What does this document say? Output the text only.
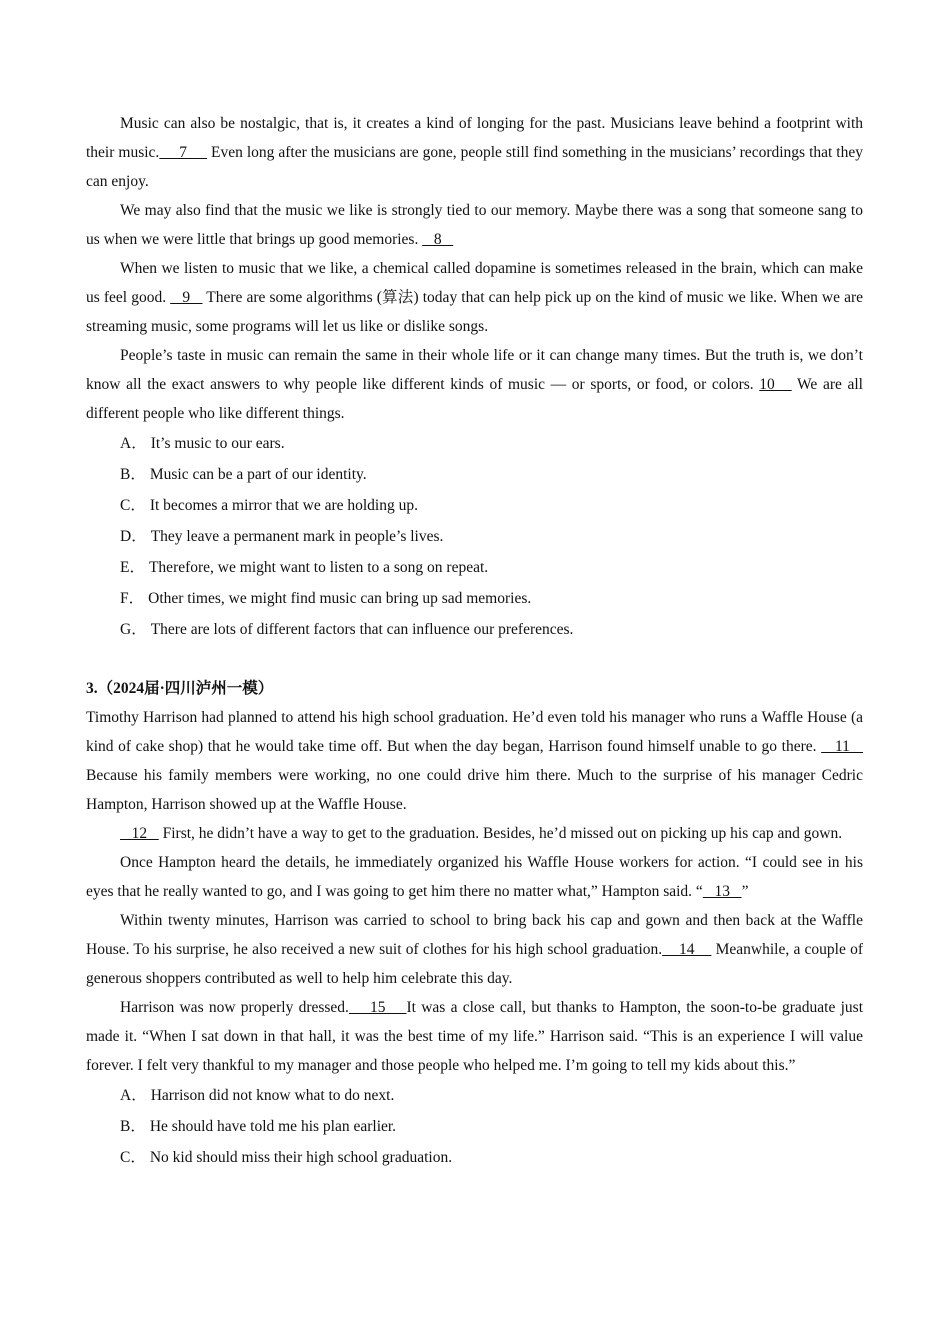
Music can also be nostalgic, that is, it creates a kind of longing for the past. Musicians leave behind a footprint with their music.     7      Even long after the musicians are gone, people still find something in the musicians’ recordings that they can enjoy.

We may also find that the music we like is strongly tied to our memory. Maybe there was a song that someone sang to us when we were little that brings up good memories.    8

When we listen to music that we like, a chemical called dopamine is sometimes released in the brain, which can make us feel good.    9    There are some algorithms (算法) today that can help pick up on the kind of music we like. When we are streaming music, some programs will let us like or dislike songs.

People’s taste in music can remain the same in their whole life or it can change many times. But the truth is, we don’t know all the exact answers to why people like different kinds of music — or sports, or food, or colors. 10    We are all different people who like different things.

A． It’s music to our ears.
B． Music can be a part of our identity.
C． It becomes a mirror that we are holding up.
D． They leave a permanent mark in people’s lives.
E． Therefore, we might want to listen to a song on repeat.
F． Other times, we might find music can bring up sad memories.
G． There are lots of different factors that can influence our preferences.

3.（2024届·四川泸州一模）

Timothy Harrison had planned to attend his high school graduation. He’d even told his manager who runs a Waffle House (a kind of cake shop) that he would take time off. But when the day began, Harrison found himself unable to go there.    11    Because his family members were working, no one could drive him there. Much to the surprise of his manager Cedric Hampton, Harrison showed up at the Waffle House.

12    First, he didn’t have a way to get to the graduation. Besides, he’d missed out on picking up his cap and gown.

Once Hampton heard the details, he immediately organized his Waffle House workers for action. “I could see in his eyes that he really wanted to go, and I was going to get him there no matter what,” Hampton said. “   13   ”

Within twenty minutes, Harrison was carried to school to bring back his cap and gown and then back at the Waffle House. To his surprise, he also received a new suit of clothes for his high school graduation.    14     Meanwhile, a couple of generous shoppers contributed as well to help him celebrate this day.

Harrison was now properly dressed.    15    It was a close call, but thanks to Hampton, the soon-to-be graduate just made it. “When I sat down in that hall, it was the best time of my life.” Harrison said. “This is an experience I will value forever. I felt very thankful to my manager and those people who helped me. I’m going to tell my kids about this.”

A． Harrison did not know what to do next.
B． He should have told me his plan earlier.
C． No kid should miss their high school graduation.
